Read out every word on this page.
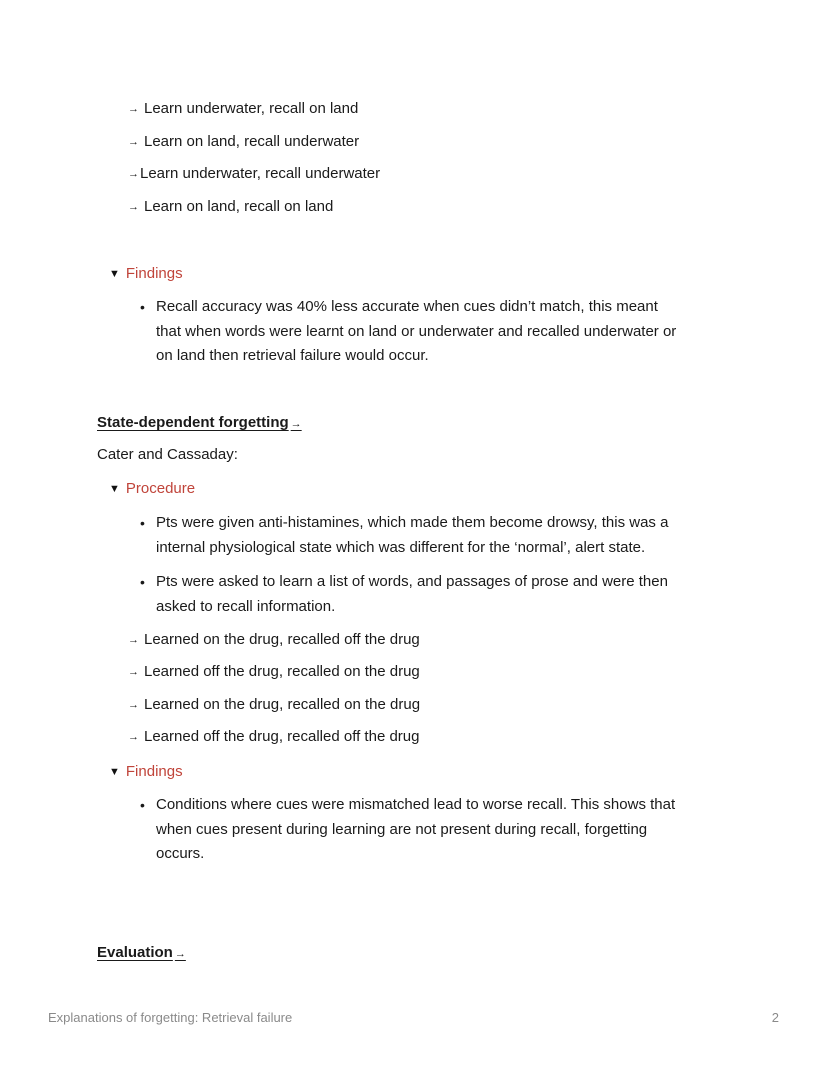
→ Learn underwater, recall on land
→ Learn on land, recall underwater
→Learn underwater, recall underwater
→ Learn on land, recall on land
▼ Findings
• Recall accuracy was 40% less accurate when cues didn’t match, this meant
that when words were learnt on land or underwater and recalled underwater or
on land then retrieval failure would occur.
State-dependent forgetting →
Cater and Cassaday:
▼ Procedure
• Pts were given anti-histamines, which made them become drowsy, this was a
internal physiological state which was different for the ‘normal’, alert state.
• Pts were asked to learn a list of words, and passages of prose and were then
asked to recall information.
→ Learned on the drug, recalled off the drug
→ Learned off the drug, recalled on the drug
→ Learned on the drug, recalled on the drug
→ Learned off the drug, recalled off the drug
▼ Findings
• Conditions where cues were mismatched lead to worse recall. This shows that
when cues present during learning are not present during recall, forgetting
occurs.
Evaluation →
Explanations of forgetting: Retrieval failure	2
